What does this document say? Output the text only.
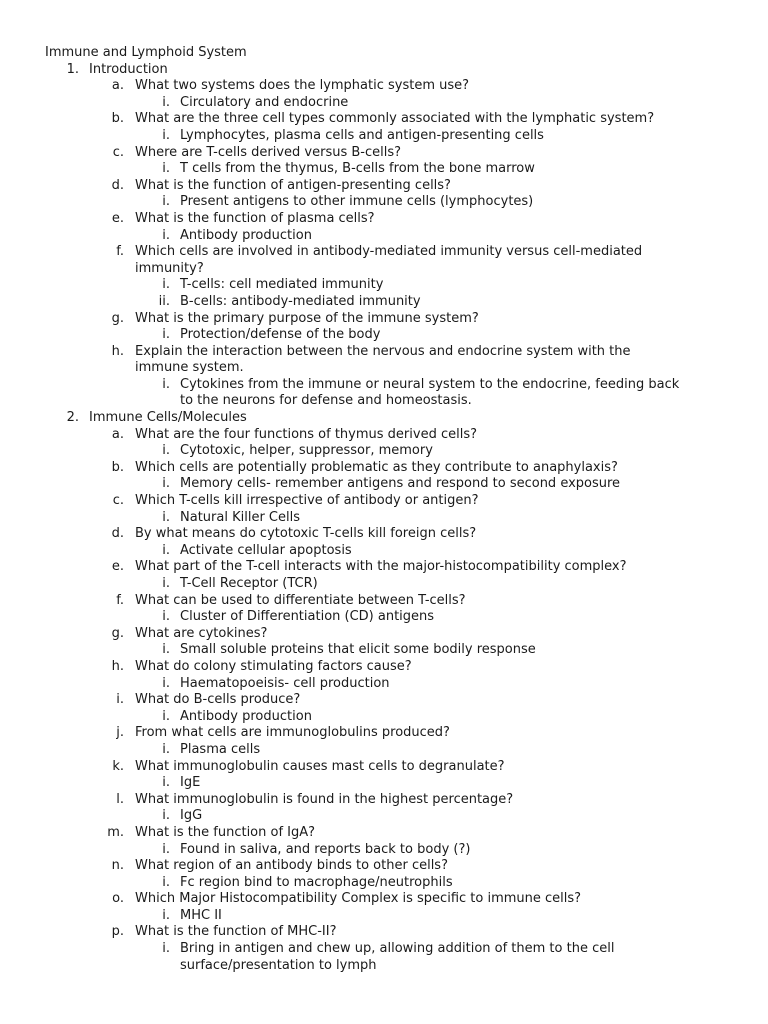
Immune and Lymphoid System
1. Introduction
a. What two systems does the lymphatic system use?
i. Circulatory and endocrine
b. What are the three cell types commonly associated with the lymphatic system?
i. Lymphocytes, plasma cells and antigen-presenting cells
c. Where are T-cells derived versus B-cells?
i. T cells from the thymus, B-cells from the bone marrow
d. What is the function of antigen-presenting cells?
i. Present antigens to other immune cells (lymphocytes)
e. What is the function of plasma cells?
i. Antibody production
f. Which cells are involved in antibody-mediated immunity versus cell-mediated
immunity?
i. T-cells: cell mediated immunity
ii. B-cells: antibody-mediated immunity
g. What is the primary purpose of the immune system?
i. Protection/defense of the body
h. Explain the interaction between the nervous and endocrine system with the
immune system.
i. Cytokines from the immune or neural system to the endocrine, feeding back
to the neurons for defense and homeostasis.
2. Immune Cells/Molecules
a. What are the four functions of thymus derived cells?
i. Cytotoxic, helper, suppressor, memory
b. Which cells are potentially problematic as they contribute to anaphylaxis?
i. Memory cells- remember antigens and respond to second exposure
c. Which T-cells kill irrespective of antibody or antigen?
i. Natural Killer Cells
d. By what means do cytotoxic T-cells kill foreign cells?
i. Activate cellular apoptosis
e. What part of the T-cell interacts with the major-histocompatibility complex?
i. T-Cell Receptor (TCR)
f. What can be used to differentiate between T-cells?
i. Cluster of Differentiation (CD) antigens
g. What are cytokines?
i. Small soluble proteins that elicit some bodily response
h. What do colony stimulating factors cause?
i. Haematopoeisis- cell production
i. What do B-cells produce?
i. Antibody production
j. From what cells are immunoglobulins produced?
i. Plasma cells
k. What immunoglobulin causes mast cells to degranulate?
i. IgE
l. What immunoglobulin is found in the highest percentage?
i. IgG
m. What is the function of IgA?
i. Found in saliva, and reports back to body (?)
n. What region of an antibody binds to other cells?
i. Fc region bind to macrophage/neutrophils
o. Which Major Histocompatibility Complex is specific to immune cells?
i. MHC II
p. What is the function of MHC-II?
i. Bring in antigen and chew up, allowing addition of them to the cell
surface/presentation to lymph
